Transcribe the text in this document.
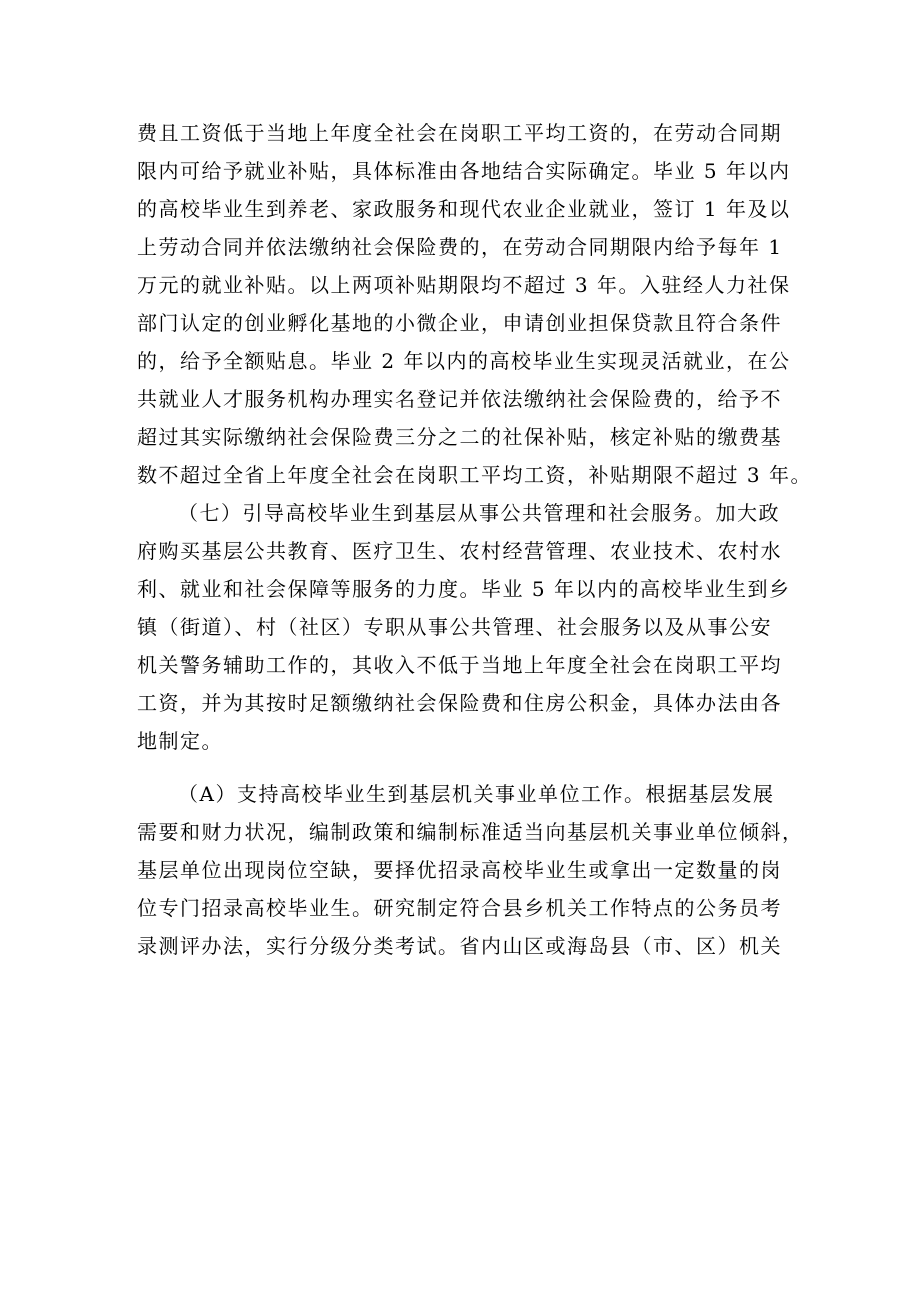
费且工资低于当地上年度全社会在岗职工平均工资的，在劳动合同期
限内可给予就业补贴，具体标准由各地结合实际确定。毕业 5 年以内
的高校毕业生到养老、家政服务和现代农业企业就业，签订 1 年及以
上劳动合同并依法缴纳社会保险费的，在劳动合同期限内给予每年 1
万元的就业补贴。以上两项补贴期限均不超过 3 年。入驻经人力社保
部门认定的创业孵化基地的小微企业，申请创业担保贷款且符合条件
的，给予全额贴息。毕业 2 年以内的高校毕业生实现灵活就业，在公
共就业人才服务机构办理实名登记并依法缴纳社会保险费的，给予不
超过其实际缴纳社会保险费三分之二的社保补贴，核定补贴的缴费基
数不超过全省上年度全社会在岗职工平均工资，补贴期限不超过 3 年。
（七）引导高校毕业生到基层从事公共管理和社会服务。加大政
府购买基层公共教育、医疗卫生、农村经营管理、农业技术、农村水
利、就业和社会保障等服务的力度。毕业 5 年以内的高校毕业生到乡
镇（街道）、村（社区）专职从事公共管理、社会服务以及从事公安
机关警务辅助工作的，其收入不低于当地上年度全社会在岗职工平均
工资，并为其按时足额缴纳社会保险费和住房公积金，具体办法由各
地制定。
（A）支持高校毕业生到基层机关事业单位工作。根据基层发展
需要和财力状况，编制政策和编制标准适当向基层机关事业单位倾斜，
基层单位出现岗位空缺，要择优招录高校毕业生或拿出一定数量的岗
位专门招录高校毕业生。研究制定符合县乡机关工作特点的公务员考
录测评办法，实行分级分类考试。省内山区或海岛县（市、区）机关
